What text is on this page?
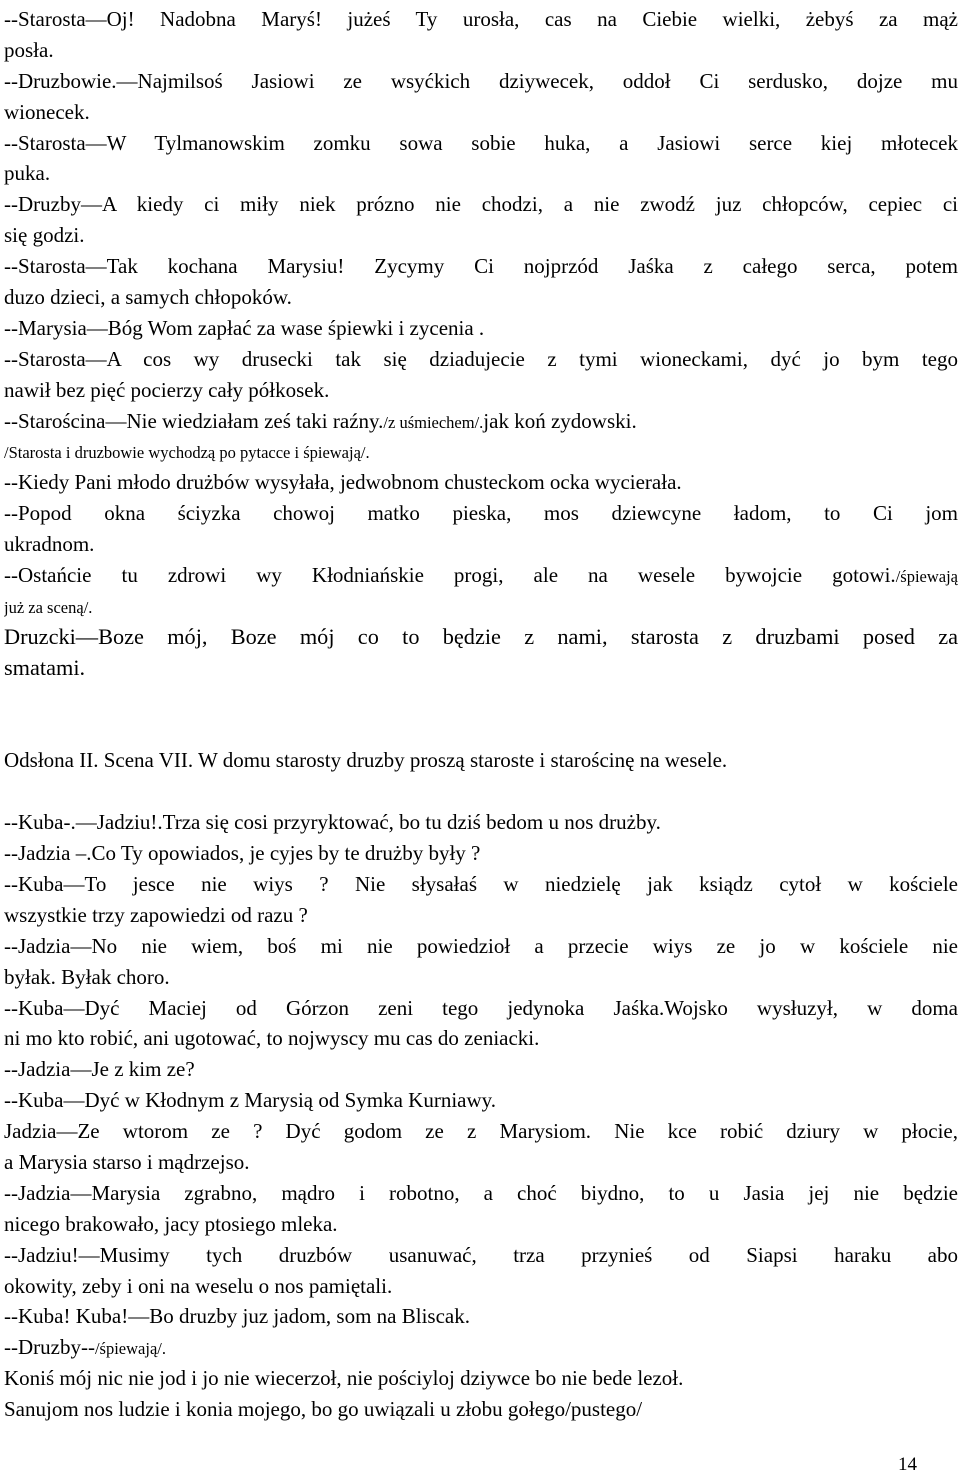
--Starosta—Oj! Nadobna Maryś! jużeś Ty urosła, cas na Ciebie wielki, żebyś za mąż
posła.
--Druzbowie.—Najmilsoś Jasiowi ze wsyćkich dziywecek, oddoł Ci serdusko, dojze mu
wionecek.
--Starosta—W Tylmanowskim zomku sowa sobie huka, a Jasiowi serce kiej młotecek
puka.
--Druzby—A kiedy ci miły niek prózno nie chodzi, a nie zwodź juz chłopców, cepiec ci
się godzi.
--Starosta—Tak kochana Marysiu! Zycymy Ci nojprzód Jaśka z całego serca, potem
duzo dzieci, a samych chłopoków.
--Marysia—Bóg Wom zapłać za wase śpiewki i zycenia .
--Starosta—A cos wy drusecki tak się dziadujecie z tymi wioneckami, dyć jo bym tego
nawił bez pięć pocierzy cały półkosek.
--Starościna—Nie wiedziałam ześ taki raźny./z uśmiechem/.jak koń zydowski.
/Starosta i druzbowie wychodzą po pytacce i śpiewają/.
--Kiedy Pani młodo drużbów wysyłała, jedwobnom chusteckom ocka wycierała.
--Popod okna ściyzka chowoj matko pieska, mos dziewcyne ładom, to Ci jom
ukradnom.
--Ostańcie tu zdrowi wy Kłodniańskie progi, ale na wesele bywojcie gotowi./śpiewają
już za sceną/.
Druzcki—Boze mój, Boze mój co to będzie z nami, starosta z druzbami posed za
smatami.
Odsłona II. Scena VII. W domu starosty druzby proszą staroste i starościnę na wesele.
--Kuba-.—Jadziu!.Trza się cosi przyryktować, bo tu dziś bedom u nos drużby.
--Jadzia –.Co Ty opowiados, je cyjes by te drużby były ?
--Kuba—To jesce nie wiys ? Nie słysałaś w niedzielę jak ksiądz cytoł w kościele
wszystkie trzy zapowiedzi od razu ?
--Jadzia—No nie wiem, boś mi nie powiedzioł a przecie wiys ze jo w kościele nie
byłak. Byłak choro.
--Kuba—Dyć Maciej od Górzon zeni tego jedynoka Jaśka.Wojsko wysłuzył, w doma
ni mo kto robić, ani ugotować, to nojwyscy mu cas do zeniacki.
--Jadzia—Je z kim ze?
--Kuba—Dyć w Kłodnym z Marysią od Symka Kurniawy.
Jadzia—Ze wtorom ze ? Dyć godom ze z Marysiom. Nie kce robić dziury w płocie,
a Marysia starso i mądrzejso.
--Jadzia—Marysia zgrabno, mądro i robotno, a choć biydno, to u Jasia jej nie będzie
nicego brakowało, jacy ptosiego mleka.
--Jadziu!—Musimy tych druzbów usanuwać, trza przynieś od Siapsi haraku abo
okowity, zeby i oni na weselu o nos pamiętali.
--Kuba! Kuba!—Bo druzby juz jadom, som na Bliscak.
--Druzby--/śpiewają/.
Koniś mój nic nie jod i jo nie wiecerzoł, nie pościyloj dziywce bo nie bede lezoł.
Sanujom nos ludzie i konia mojego, bo go uwiązali u złobu gołego/pustego/
14
